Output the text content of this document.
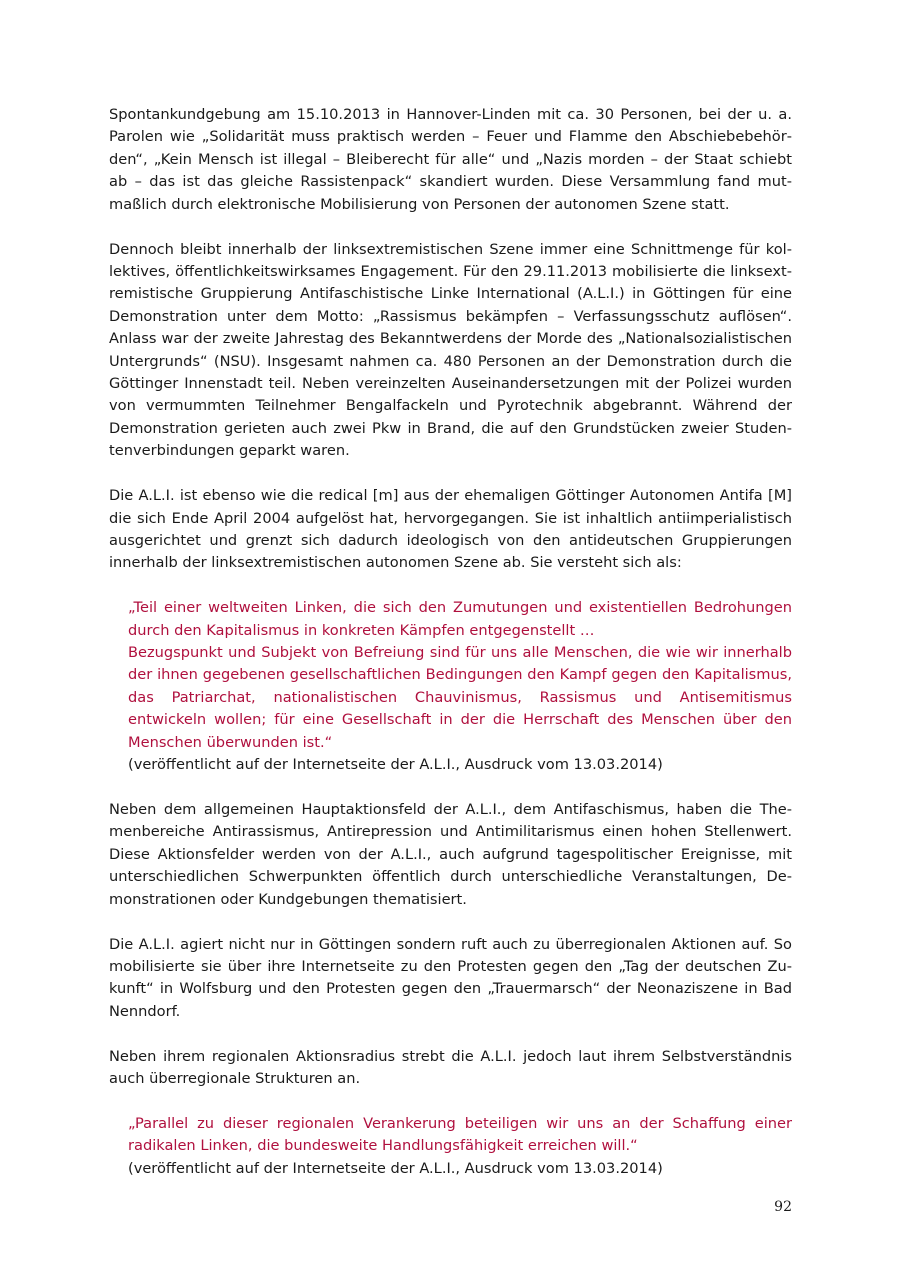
Spontankundgebung am 15.10.2013 in Hannover-Linden mit ca. 30 Personen, bei der u. a. Parolen wie „Solidarität muss praktisch werden – Feuer und Flamme den Abschiebebehörden“, „Kein Mensch ist illegal – Bleiberecht für alle“ und „Nazis morden – der Staat schiebt ab – das ist das gleiche Rassistenpack“ skandiert wurden. Diese Versammlung fand mutmaßlich durch elektronische Mobilisierung von Personen der autonomen Szene statt.

Dennoch bleibt innerhalb der linksextremistischen Szene immer eine Schnittmenge für kollektives, öffentlichkeitswirksames Engagement. Für den 29.11.2013 mobilisierte die linksextremistische Gruppierung Antifaschistische Linke International (A.L.I.) in Göttingen für eine Demonstration unter dem Motto: „Rassismus bekämpfen – Verfassungsschutz auflösen“. Anlass war der zweite Jahrestag des Bekanntwerdens der Morde des „Nationalsozialistischen Untergrunds“ (NSU). Insgesamt nahmen ca. 480 Personen an der Demonstration durch die Göttinger Innenstadt teil. Neben vereinzelten Auseinandersetzungen mit der Polizei wurden von vermummten Teilnehmer Bengalfackeln und Pyrotechnik abgebrannt. Während der Demonstration gerieten auch zwei Pkw in Brand, die auf den Grundstücken zweier Studentenverbindungen geparkt waren.

Die A.L.I. ist ebenso wie die redical [m] aus der ehemaligen Göttinger Autonomen Antifa [M] die sich Ende April 2004 aufgelöst hat, hervorgegangen. Sie ist inhaltlich antiimperialistisch ausgerichtet und grenzt sich dadurch ideologisch von den antideutschen Gruppierungen innerhalb der linksextremistischen autonomen Szene ab. Sie versteht sich als:

„Teil einer weltweiten Linken, die sich den Zumutungen und existentiellen Bedrohungen durch den Kapitalismus in konkreten Kämpfen entgegenstellt …

Bezugspunkt und Subjekt von Befreiung sind für uns alle Menschen, die wie wir innerhalb der ihnen gegebenen gesellschaftlichen Bedingungen den Kampf gegen den Kapitalismus, das Patriarchat, nationalistischen Chauvinismus, Rassismus und Antisemitismus entwickeln wollen; für eine Gesellschaft in der die Herrschaft des Menschen über den Menschen überwunden ist.“

(veröffentlicht auf der Internetseite der A.L.I., Ausdruck vom 13.03.2014)

Neben dem allgemeinen Hauptaktionsfeld der A.L.I., dem Antifaschismus, haben die Themenbereiche Antirassismus, Antirepression und Antimilitarismus einen hohen Stellenwert. Diese Aktionsfelder werden von der A.L.I., auch aufgrund tagespolitischer Ereignisse, mit unterschiedlichen Schwerpunkten öffentlich durch unterschiedliche Veranstaltungen, Demonstrationen oder Kundgebungen thematisiert.

Die A.L.I. agiert nicht nur in Göttingen sondern ruft auch zu überregionalen Aktionen auf. So mobilisierte sie über ihre Internetseite zu den Protesten gegen den „Tag der deutschen Zukunft“ in Wolfsburg und den Protesten gegen den „Trauermarsch“ der Neonaziszene in Bad Nenndorf.

Neben ihrem regionalen Aktionsradius strebt die A.L.I. jedoch laut ihrem Selbstverständnis auch überregionale Strukturen an.

„Parallel zu dieser regionalen Verankerung beteiligen wir uns an der Schaffung einer radikalen Linken, die bundesweite Handlungsfähigkeit erreichen will.“

(veröffentlicht auf der Internetseite der A.L.I., Ausdruck vom 13.03.2014)

92
